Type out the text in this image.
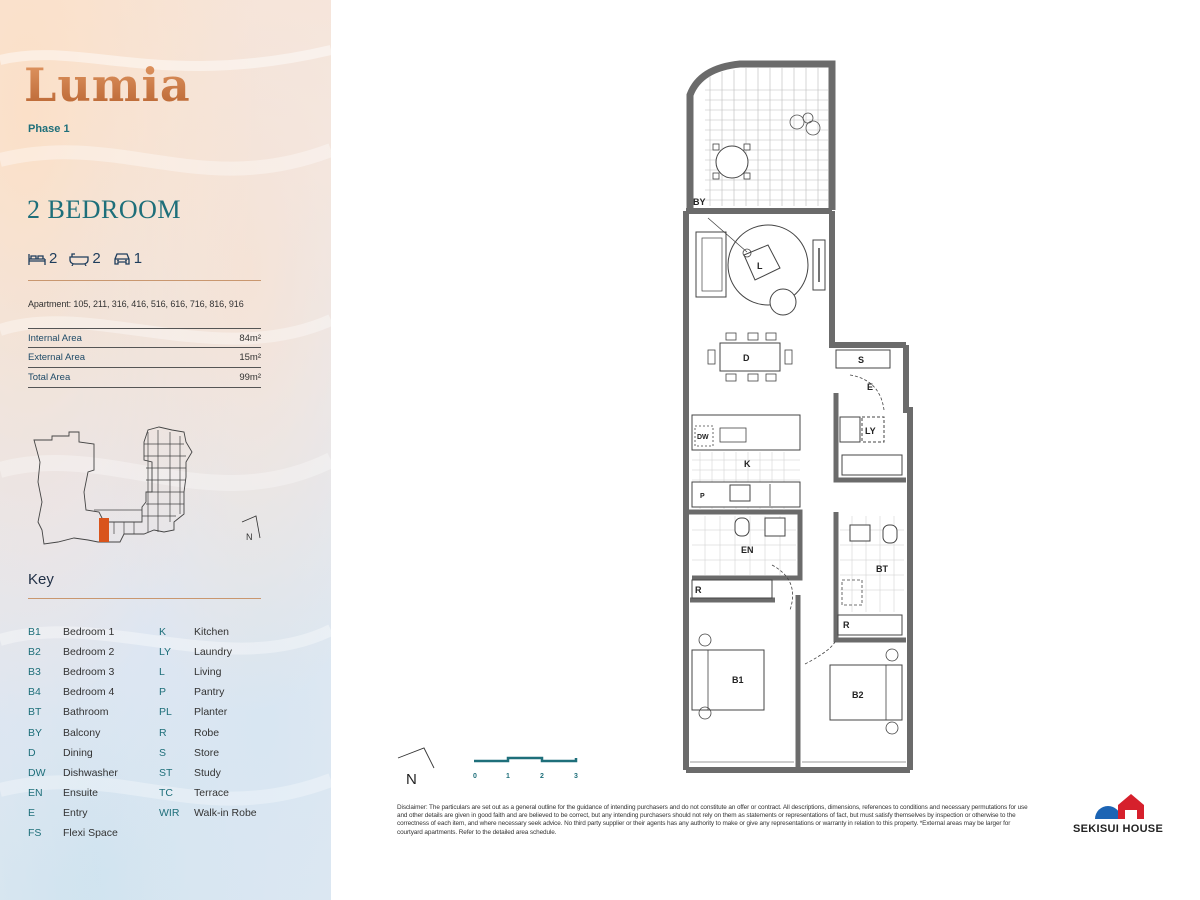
Lumia
Phase 1
2 BEDROOM
2 2 1
Apartment: 105, 211, 316, 416, 516, 616, 716, 816, 916
Internal Area	84m²
External Area	15m²
Total Area	99m²
N
Key
B1	Bedroom 1
B2	Bedroom 2
B3	Bedroom 3
B4	Bedroom 4
BT	Bathroom
BY	Balcony
D	Dining
DW	Dishwasher
EN	Ensuite
E	Entry
FS	Flexi Space
K	Kitchen
LY	Laundry
L	Living
P	Pantry
PL	Planter
R	Robe
S	Store
ST	Study
TC	Terrace
WIR	Walk-in Robe
BY
L
D	S
E
LY
DW
K
P
EN
R
BT
R
B1
B2
N	0	1	2	3
Disclaimer: The particulars are set out as a general outline for the guidance of intending purchasers and do not constitute an offer or contract. All descriptions, dimensions, references to conditions and necessary permutations for use and other details are given in good faith and are believed to be correct, but any intending purchasers should not rely on them as statements or representations of fact, but must satisfy themselves by inspection or otherwise to the correctness of each item, and where necessary seek advice. No third party supplier or their agents has any authority to make or give any representations or warranty in relation to this property. *External areas may be larger for courtyard apartments. Refer to the detailed area schedule.	SEKISUI HOUSE
